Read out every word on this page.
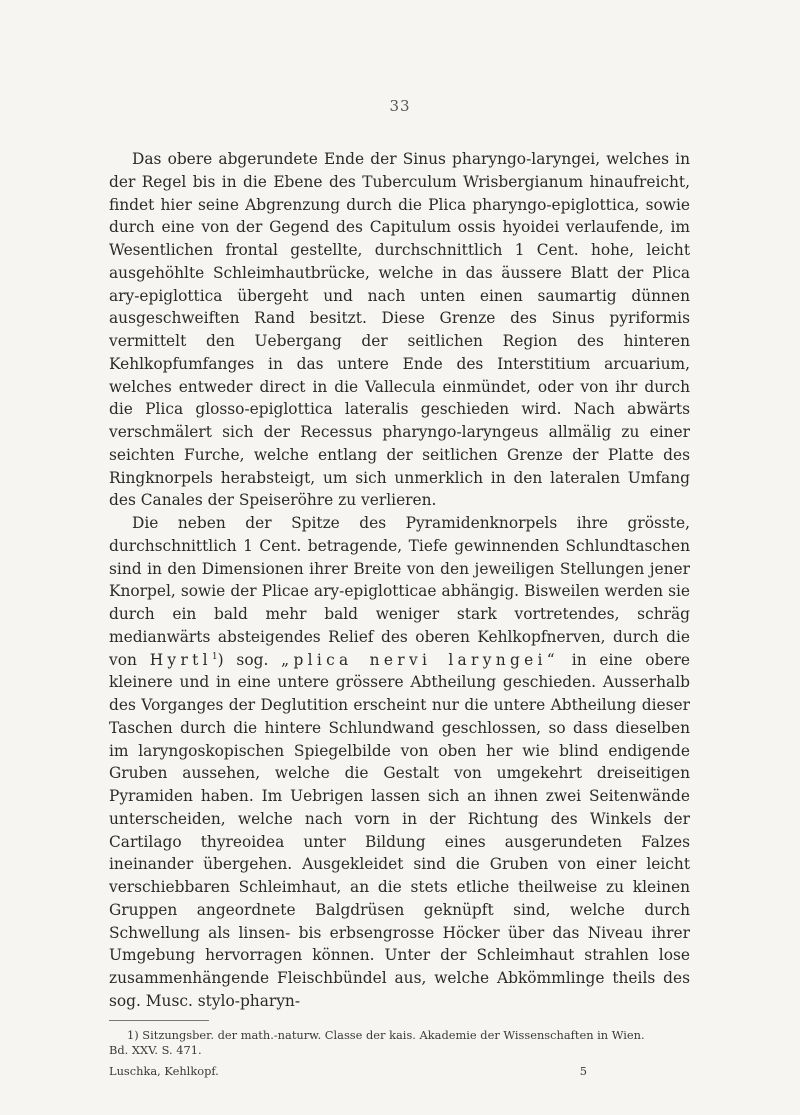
33

Das obere abgerundete Ende der Sinus pharyngo-laryngei, welches in der Regel bis in die Ebene des Tuberculum Wrisbergianum hinaufreicht, findet hier seine Abgrenzung durch die Plica pharyngo-epiglottica, sowie durch eine von der Gegend des Capitulum ossis hyoidei verlaufende, im Wesentlichen frontal gestellte, durchschnittlich 1 Cent. hohe, leicht ausgehöhlte Schleimhautbrücke, welche in das äussere Blatt der Plica ary-epiglottica übergeht und nach unten einen saumartig dünnen ausgeschweiften Rand besitzt. Diese Grenze des Sinus pyriformis vermittelt den Uebergang der seitlichen Region des hinteren Kehlkopfumfanges in das untere Ende des Interstitium arcuarium, welches entweder direct in die Vallecula einmündet, oder von ihr durch die Plica glosso-epiglottica lateralis geschieden wird. Nach abwärts verschmälert sich der Recessus pharyngo-laryngeus allmälig zu einer seichten Furche, welche entlang der seitlichen Grenze der Platte des Ringknorpels herabsteigt, um sich unmerklich in den lateralen Umfang des Canales der Speiseröhre zu verlieren.

Die neben der Spitze des Pyramidenknorpels ihre grösste, durchschnittlich 1 Cent. betragende, Tiefe gewinnenden Schlundtaschen sind in den Dimensionen ihrer Breite von den jeweiligen Stellungen jener Knorpel, sowie der Plicae ary-epiglotticae abhängig. Bisweilen werden sie durch ein bald mehr bald weniger stark vortretendes, schräg medianwärts absteigendes Relief des oberen Kehlkopfnerven, durch die von Hyrtl$^1$) sog. „plica nervi laryngei“ in eine obere kleinere und in eine untere grössere Abtheilung geschieden. Ausserhalb des Vorganges der Deglutition erscheint nur die untere Abtheilung dieser Taschen durch die hintere Schlundwand geschlossen, so dass dieselben im laryngoskopischen Spiegelbilde von oben her wie blind endigende Gruben aussehen, welche die Gestalt von umgekehrt dreiseitigen Pyramiden haben. Im Uebrigen lassen sich an ihnen zwei Seitenwände unterscheiden, welche nach vorn in der Richtung des Winkels der Cartilago thyreoidea unter Bildung eines ausgerundeten Falzes ineinander übergehen. Ausgekleidet sind die Gruben von einer leicht verschiebbaren Schleimhaut, an die stets etliche theilweise zu kleinen Gruppen angeordnete Balgdrüsen geknüpft sind, welche durch Schwellung als linsen- bis erbsengrosse Höcker über das Niveau ihrer Umgebung hervorragen können. Unter der Schleimhaut strahlen lose zusammenhängende Fleischbündel aus, welche Abkömmlinge theils des sog. Musc. stylo-pharyn-

1) Sitzungsber. der math.-naturw. Classe der kais. Akademie der Wissenschaften in Wien.
Bd. XXV. S. 471.
Luschka, Kehlkopf.	5
